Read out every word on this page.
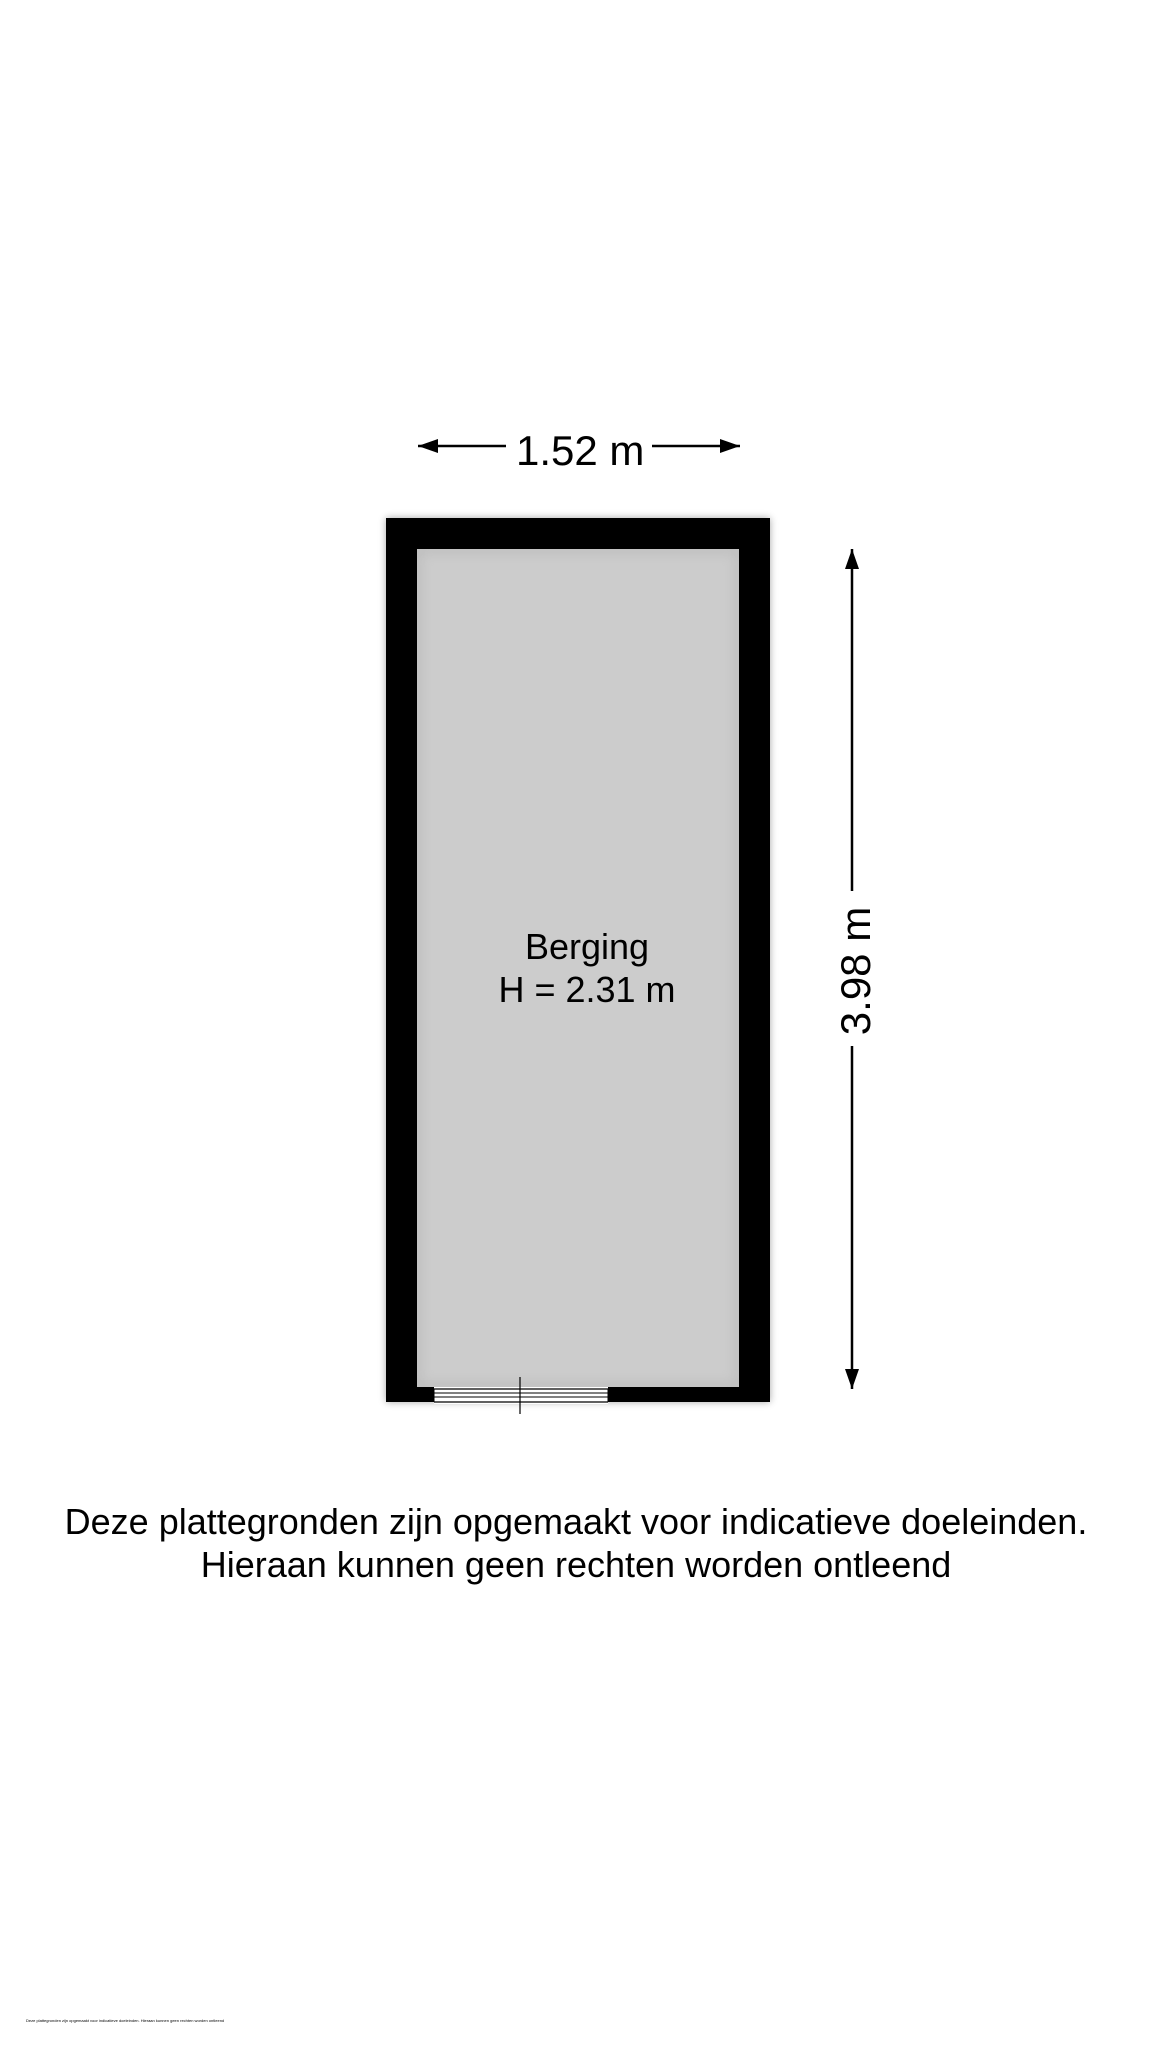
1.52 m
3.98 m
Berging
H = 2.31 m
Deze plattegronden zijn opgemaakt voor indicatieve doeleinden.
Hieraan kunnen geen rechten worden ontleend
Deze plattegronden zijn opgemaakt voor indicatieve doeleinden. Hieraan kunnen geen rechten worden ontleend
